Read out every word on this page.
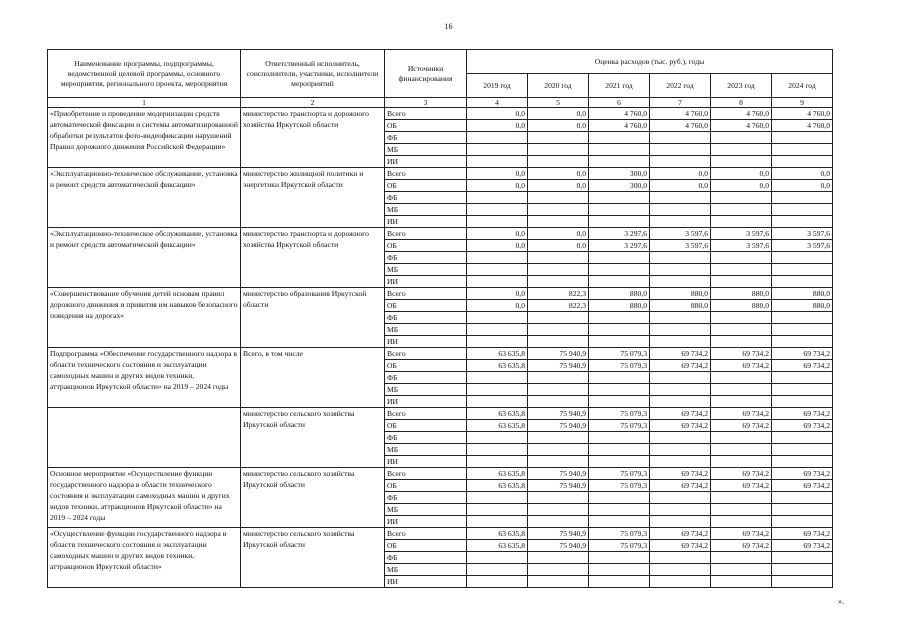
16
Наименование программы, подпрограммы, ведомственной целевой программы, основного мероприятия, регионального проекта, мероприятия	Ответственный исполнитель, соисполнители, участники, исполнители мероприятий	Источники финансирования	Оценка расходов (тыс. руб.), годы					
			2019 год	2020 год	2021 год	2022 год	2023 год	2024 год
1	2	3	4	5	6	7	8	9
«Приобретение и проведение модернизации средств автоматической фиксации и системы автоматизированной обработки результатов фото-видеофиксации нарушений Правил дорожного движения Российской Федерации»	министерство транспорта и дорожного хозяйства Иркутской области	Всего	0,0	0,0	4 760,0	4 760,0	4 760,0	4 760,0
		ОБ	0,0	0,0	4 760,0	4 760,0	4 760,0	4 760,0
		ФБ						
		МБ						
		ИИ						
«Эксплуатационно-техническое обслуживание, установка и ремонт средств автоматической фиксации»	министерство жилищной политики и энергетики Иркутской области	Всего	0,0	0,0	300,0	0,0	0,0	0,0
		ОБ	0,0	0,0	300,0	0,0	0,0	0,0
		ФБ						
		МБ						
		ИИ						
«Эксплуатационно-техническое обслуживание, установка и ремонт средств автоматической фиксации»	министерство транспорта и дорожного хозяйства Иркутской области	Всего	0,0	0,0	3 297,6	3 597,6	3 597,6	3 597,6
		ОБ	0,0	0,0	3 297,6	3 597,6	3 597,6	3 597,6
		ФБ						
		МБ						
		ИИ						
«Совершенствование обучения детей основам правил дорожного движения и привития им навыков безопасного поведения на дорогах»	министерство образования Иркутской области	Всего	0,0	822,3	880,0	880,0	880,0	880,0
		ОБ	0,0	822,3	880,0	880,0	880,0	880,0
		ФБ						
		МБ						
		ИИ						
Подпрограмма «Обеспечение государственного надзора в области технического состояния и эксплуатации самоходных машин и других видов техники, аттракционов Иркутской области» на 2019 – 2024 годы	Всего, в том числе	Всего	63 635,8	75 940,9	75 079,3	69 734,2	69 734,2	69 734,2
		ОБ	63 635,8	75 940,9	75 079,3	69 734,2	69 734,2	69 734,2
		ФБ						
		МБ						
		ИИ						
	министерство сельского хозяйства Иркутской области	Всего	63 635,8	75 940,9	75 079,3	69 734,2	69 734,2	69 734,2
		ОБ	63 635,8	75 940,9	75 079,3	69 734,2	69 734,2	69 734,2
		ФБ						
		МБ						
		ИИ						
Основное мероприятие «Осуществление функции государственного надзора в области технического состояния и эксплуатации самоходных машин и других видов техники, аттракционов Иркутской области» на 2019 – 2024 годы	министерство сельского хозяйства Иркутской области	Всего	63 635,8	75 940,9	75 079,3	69 734,2	69 734,2	69 734,2
		ОБ	63 635,8	75 940,9	75 079,3	69 734,2	69 734,2	69 734,2
		ФБ						
		МБ						
		ИИ						
«Осуществление функции государственного надзора в области технического состояния и эксплуатации самоходных машин и других видов техники, аттракционов Иркутской области»	министерство сельского хозяйства Иркутской области	Всего	63 635,8	75 940,9	75 079,3	69 734,2	69 734,2	69 734,2
		ОБ	63 635,8	75 940,9	75 079,3	69 734,2	69 734,2	69 734,2
		ФБ						
		МБ						
		ИИ						
».
